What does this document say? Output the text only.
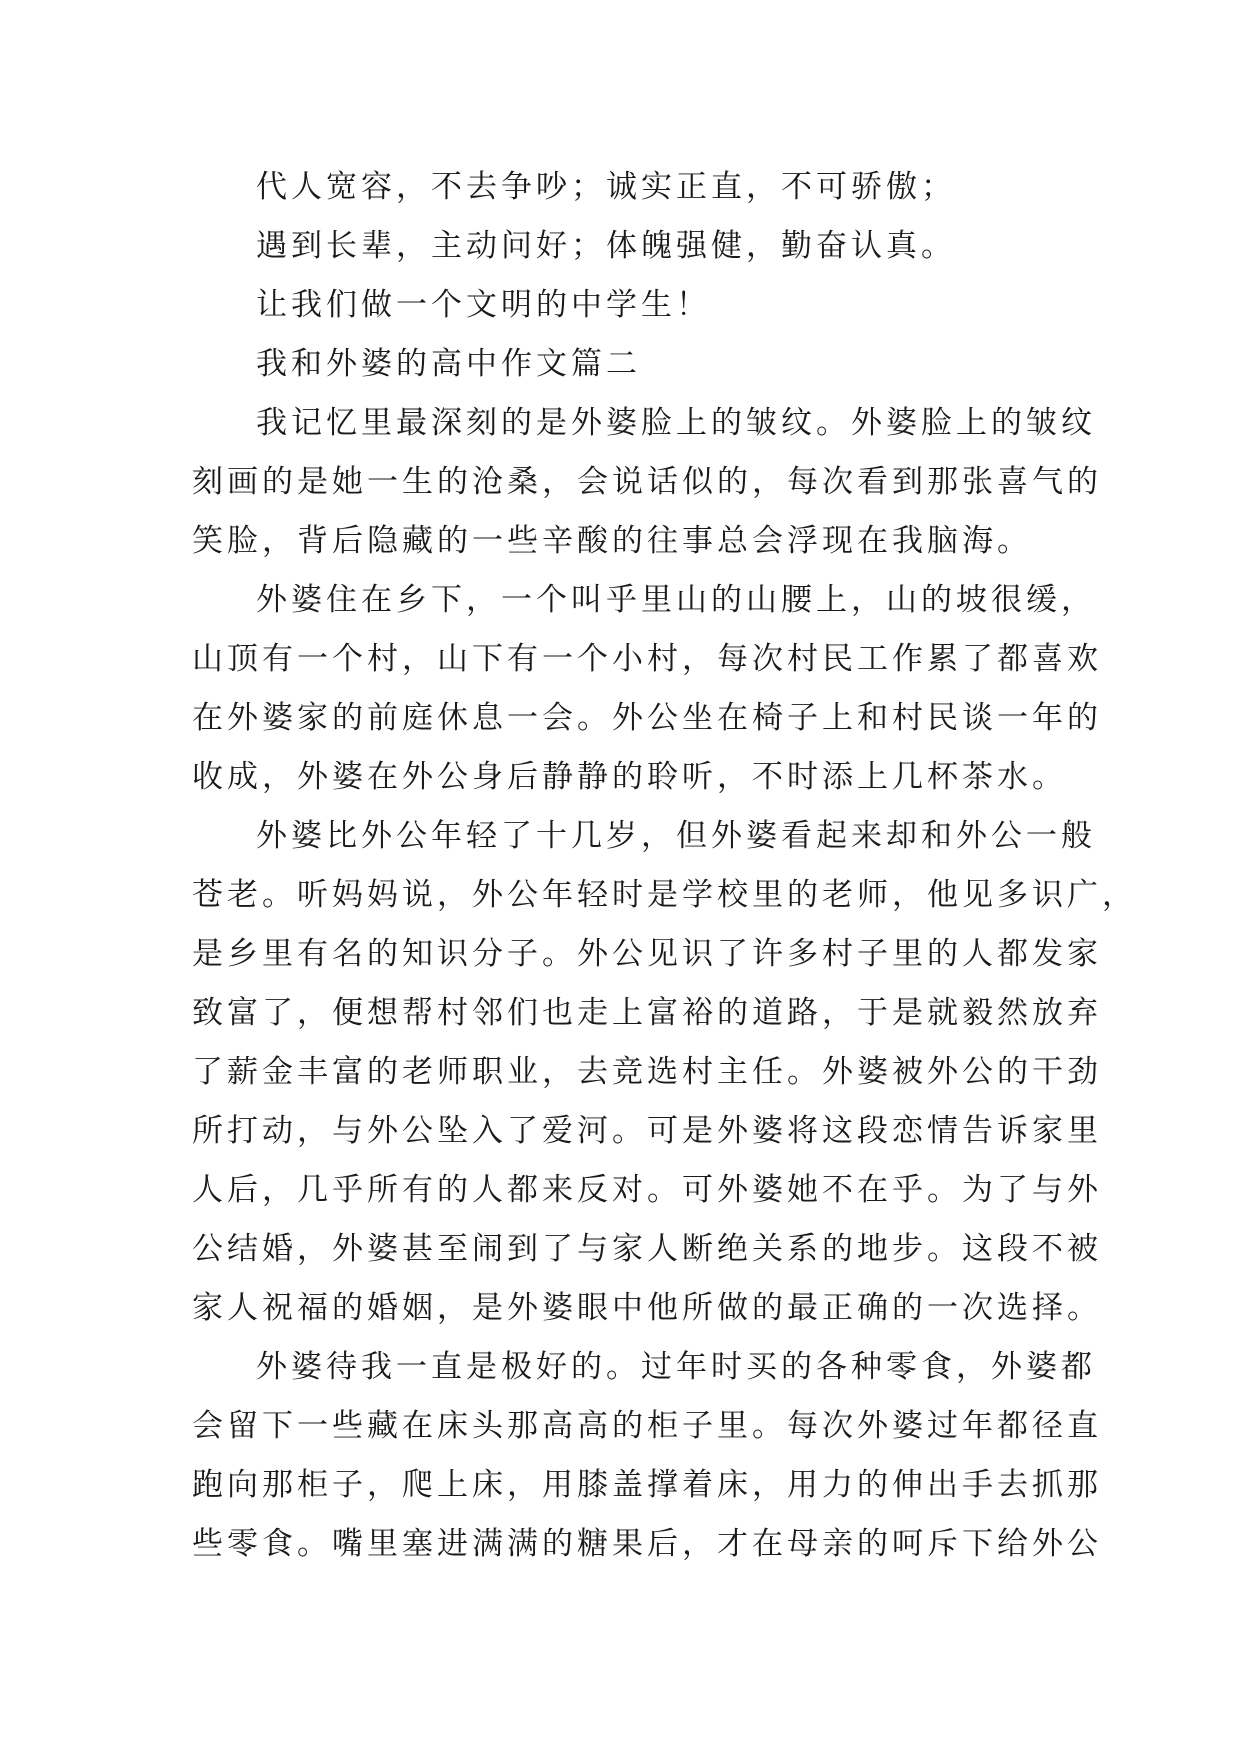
代人宽容，不去争吵；诚实正直，不可骄傲；
遇到长辈，主动问好；体魄强健，勤奋认真。
让我们做一个文明的中学生！
我和外婆的高中作文篇二
我记忆里最深刻的是外婆脸上的皱纹。外婆脸上的皱纹
刻画的是她一生的沧桑，会说话似的，每次看到那张喜气的
笑脸，背后隐藏的一些辛酸的往事总会浮现在我脑海。
外婆住在乡下，一个叫乎里山的山腰上，山的坡很缓，
山顶有一个村，山下有一个小村，每次村民工作累了都喜欢
在外婆家的前庭休息一会。外公坐在椅子上和村民谈一年的
收成，外婆在外公身后静静的聆听，不时添上几杯茶水。
外婆比外公年轻了十几岁，但外婆看起来却和外公一般
苍老。听妈妈说，外公年轻时是学校里的老师，他见多识广，
是乡里有名的知识分子。外公见识了许多村子里的人都发家
致富了，便想帮村邻们也走上富裕的道路，于是就毅然放弃
了薪金丰富的老师职业，去竞选村主任。外婆被外公的干劲
所打动，与外公坠入了爱河。可是外婆将这段恋情告诉家里
人后，几乎所有的人都来反对。可外婆她不在乎。为了与外
公结婚，外婆甚至闹到了与家人断绝关系的地步。这段不被
家人祝福的婚姻，是外婆眼中他所做的最正确的一次选择。
外婆待我一直是极好的。过年时买的各种零食，外婆都
会留下一些藏在床头那高高的柜子里。每次外婆过年都径直
跑向那柜子，爬上床，用膝盖撑着床，用力的伸出手去抓那
些零食。嘴里塞进满满的糖果后，才在母亲的呵斥下给外公
